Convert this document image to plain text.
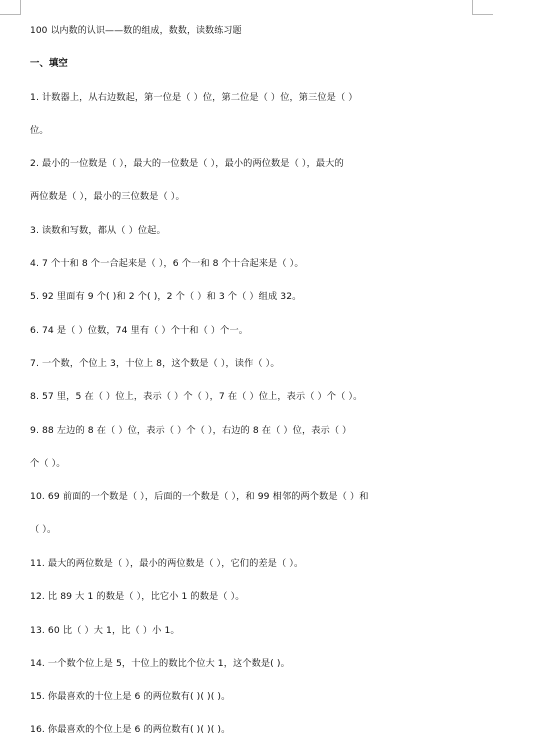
100 以内数的认识——数的组成，数数，读数练习题
一、填空
1. 计数器上，从右边数起，第一位是（ ）位，第二位是（ ）位，第三位是（ ）
位。
2. 最小的一位数是（ ），最大的一位数是（ ），最小的两位数是（ ），最大的
两位数是（ ），最小的三位数是（ ）。
3. 读数和写数，都从（ ）位起。
4. 7 个十和 8 个一合起来是（ ），6 个一和 8 个十合起来是（ ）。
5. 92 里面有 9 个( )和 2 个( )，2 个（ ）和 3 个（ ）组成 32。
6. 74 是（ ）位数，74 里有（ ）个十和（ ）个一。
7. 一个数，个位上 3，十位上 8，这个数是（ ），读作（ ）。
8. 57 里，5 在（ ）位上，表示（ ）个（ ），7 在（ ）位上，表示（ ）个（ ）。
9. 88 左边的 8 在（ ）位，表示（ ）个（ ），右边的 8 在（ ）位，表示（ ）
个（ ）。
10. 69 前面的一个数是（ ），后面的一个数是（ ），和 99 相邻的两个数是（ ）和
（ ）。
11. 最大的两位数是（ ），最小的两位数是（ ），它们的差是（ ）。
12. 比 89 大 1 的数是（ ），比它小 1 的数是（ ）。
13. 60 比（ ）大 1，比（ ）小 1。
14. 一个数个位上是 5，十位上的数比个位大 1，这个数是( )。
15. 你最喜欢的十位上是 6 的两位数有( )( )( )。
16. 你最喜欢的个位上是 6 的两位数有( )( )( )。
